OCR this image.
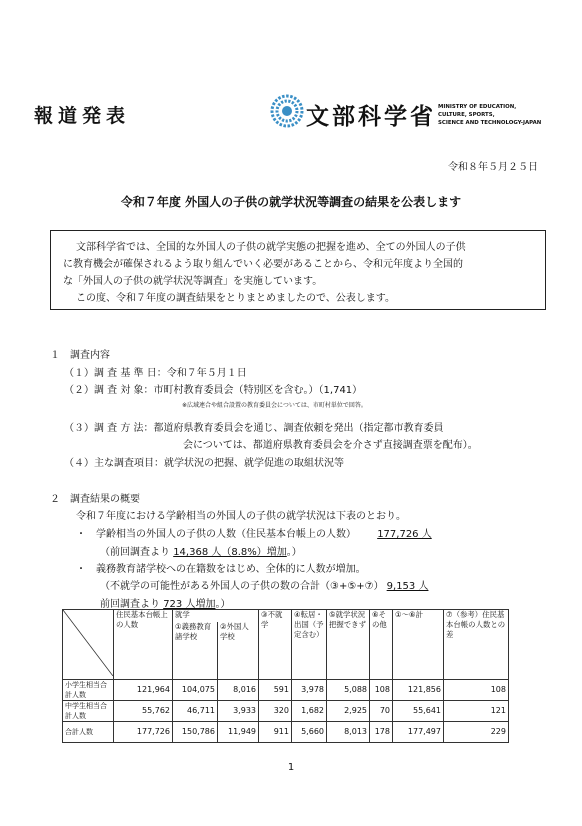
報道発表	文部科学省 MINISTRY OF EDUCATION,
CULTURE, SPORTS,
SCIENCE AND TECHNOLOGY-JAPAN
令和８年５月２５日
令和７年度 外国人の子供の就学状況等調査の結果を公表します
文部科学省では、全国的な外国人の子供の就学実態の把握を進め、全ての外国人の子供
に教育機会が確保されるよう取り組んでいく必要があることから、令和元年度より全国的
な「外国人の子供の就学状況等調査」を実施しています。
この度、令和７年度の調査結果をとりまとめましたので、公表します。
１　調査内容
（１）調 査 基 準 日：令和７年５月１日
（２）調 査 対 象：市町村教育委員会（特別区を含む。）（1,741）
※広域連合や組合設置の教育委員会については、市町村単位で回答。
（３）調 査 方 法：都道府県教育委員会を通じ、調査依頼を発出（指定都市教育委員
会については、都道府県教育委員会を介さず直接調査票を配布）。
（４）主な調査項目：就学状況の把握、就学促進の取組状況等
２　調査結果の概要
令和７年度における学齢相当の外国人の子供の就学状況は下表のとおり。
・　学齢相当の外国人の子供の人数（住民基本台帳上の人数） 177,726 人
（前回調査より 14,368 人（8.8%）増加。）
・　義務教育諸学校への在籍数をはじめ、全体的に人数が増加。
（不就学の可能性がある外国人の子供の数の合計（③+⑤+⑦） 9,153 人
前回調査より 723 人増加。）
	住民基本台帳上の人数	就学		③不就学	④転居・出国（予定含む）	⑤就学状況把握できず	⑥その他	①～⑥計	⑦（参考）住民基本台帳の人数との差
		①義務教育諸学校	②外国人学校						
小学生相当合計人数	121,964	104,075	8,016	591	3,978	5,088	108	121,856	108
中学生相当合計人数	55,762	46,711	3,933	320	1,682	2,925	70	55,641	121
合計人数	177,726	150,786	11,949	911	5,660	8,013	178	177,497	229
1
